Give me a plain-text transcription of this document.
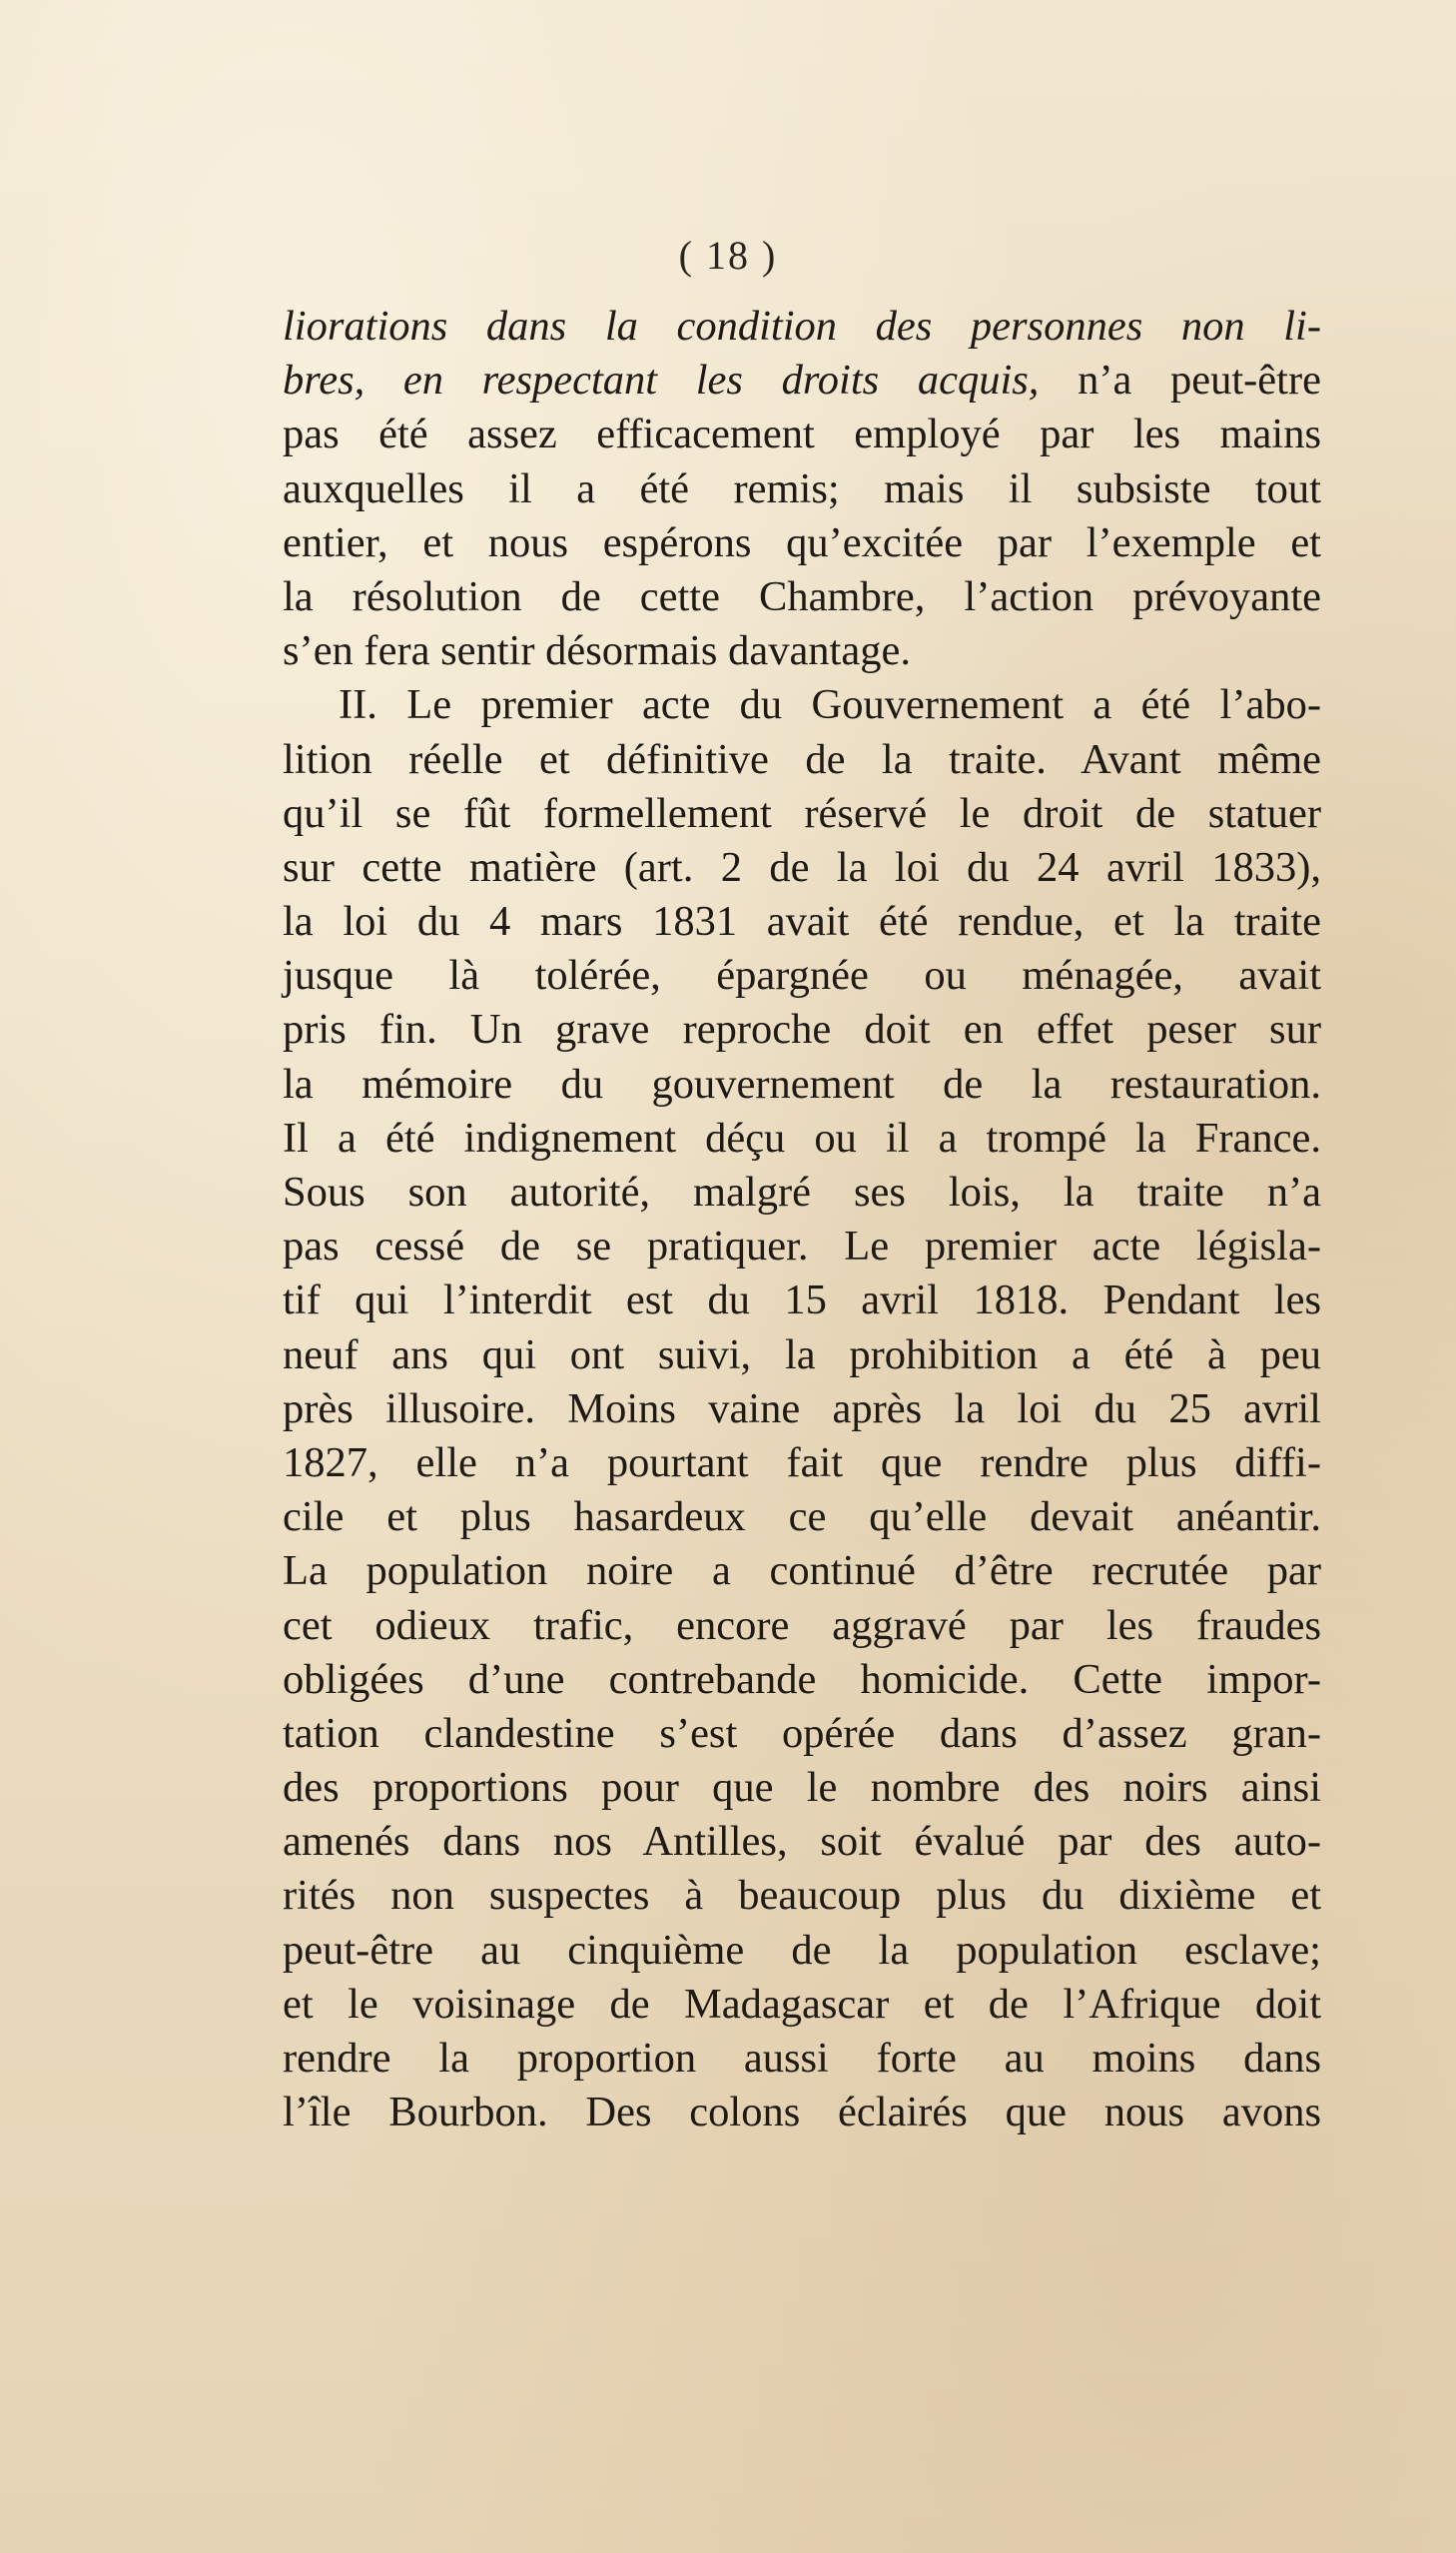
( 18 )
liorations dans la condition des personnes non li-
bres, en respectant les droits acquis, n’a peut-être
pas été assez efficacement employé par les mains
auxquelles il a été remis; mais il subsiste tout
entier, et nous espérons qu’excitée par l’exemple et
la résolution de cette Chambre, l’action prévoyante
s’en fera sentir désormais davantage.
II. Le premier acte du Gouvernement a été l’abo-
lition réelle et définitive de la traite. Avant même
qu’il se fût formellement réservé le droit de statuer
sur cette matière (art. 2 de la loi du 24 avril 1833),
la loi du 4 mars 1831 avait été rendue, et la traite
jusque là tolérée, épargnée ou ménagée, avait
pris fin. Un grave reproche doit en effet peser sur
la mémoire du gouvernement de la restauration.
Il a été indignement déçu ou il a trompé la France.
Sous son autorité, malgré ses lois, la traite n’a
pas cessé de se pratiquer. Le premier acte législa-
tif qui l’interdit est du 15 avril 1818. Pendant les
neuf ans qui ont suivi, la prohibition a été à peu
près illusoire. Moins vaine après la loi du 25 avril
1827, elle n’a pourtant fait que rendre plus diffi-
cile et plus hasardeux ce qu’elle devait anéantir.
La population noire a continué d’être recrutée par
cet odieux trafic, encore aggravé par les fraudes
obligées d’une contrebande homicide. Cette impor-
tation clandestine s’est opérée dans d’assez gran-
des proportions pour que le nombre des noirs ainsi
amenés dans nos Antilles, soit évalué par des auto-
rités non suspectes à beaucoup plus du dixième et
peut-être au cinquième de la population esclave;
et le voisinage de Madagascar et de l’Afrique doit
rendre la proportion aussi forte au moins dans
l’île Bourbon. Des colons éclairés que nous avons
